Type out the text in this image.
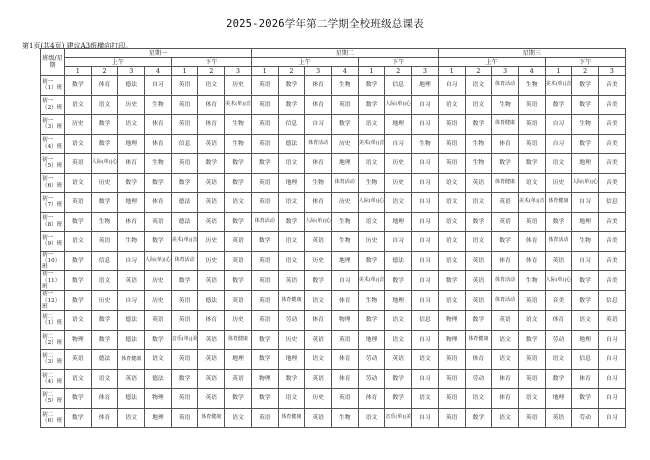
2025-2026学年第二学期全校班级总课表
第1页(共4页) 建议A3纸横向打印。
班级/星期	星期一							星期二							星期三						
	上午				下午			上午				下午			上午				下午		
	1	2	3	4	1	2	3	1	2	3	4	1	2	3	1	2	3	4	1	2	3
初一（1）班	数学	体育	德法	自习	英语	语文	历史	英语	数学	体育	生物	数学	信息	地理	自习	语文	体育活动	生物	美术(单)|音	数学	音美
初一（2）班	语文	语文	历史	生物	英语	体育	美术(单)|音	英语	数学	体育	英语	数学	人际(单)|心	自习	语文	语文	生物	英语	数学	数学	音美
初一（3）班	历史	数学	语文	体育	英语	体育	生物	英语	信息	自习	数学	语文	地理	自习	英语	数学	体育健康	英语	自习	生物	音美
初一（4）班	语文	数学	地理	体育	信息	英语	生物	英语	德法	体育活动	历史	美术(单)|音	自习	生物	英语	生物	体育	英语	自习	数学	音美
初一（5）班	英语	人际(单)|心	体育	生物	英语	数学	数学	数学	语文	体育	地理	语文	历史	自习	英语	生物	数学	数学	语文	地理	音美
初一（6）班	语文	历史	数学	数学	数学	英语	数学	英语	地理	生物	体育活动	生物	历史	自习	语文	英语	体育健康	语文	历史	人际(单)|心	音美
初一（7）班	英语	数学	地理	体育	德法	英语	语文	英语	语文	体育	历史	人际(单)|心	语文	自习	语文	语文	英语	美术(单)|音	体育健康	自习	信息
初一（8）班	数学	生物	体育	英语	德法	英语	数学	体育活动	数学	人际(单)|心	生物	语文	地理	自习	语文	数学	英语	英语	数学	地理	音美
初一（9）班	语文	英语	生物	数学	美术(单)|音	历史	英语	数学	语文	英语	生物	历史	自习	自习	语文	语文	数学	体育	体育活动	生物	音美
初一（10）班	数学	信息	自习	人际(单)|心	体育活动	历史	英语	英语	语文	历史	地理	数学	德法	自习	语文	英语	体育	体育	英语	自习	音美
初一（11）班	数学	语文	英语	历史	数学	英语	数学	英语	英语	数学	自习	美术(单)|音	数学	自习	数学	英语	体育活动	生物	人际(单)|心	数学	音美
初一（12）班	数学	历史	自习	历史	英语	德法	英语	英语	体育健康	语文	体育	生物	地理	自习	语文	英语	体育活动	英语	音美	数学	信息
初二（1）班	语文	数学	德法	英语	英语	体育	历史	英语	劳动	体育	物理	数学	语文	信息	物理	数学	英语	语文	体育	语文	英语
初二（2）班	物理	数学	德法	数学	音乐(单)|美	英语	体育健康	数学	历史	英语	英语	地理	语文	自习	物理	体育健康	语文	数学	劳动	地理	自习
初二（3）班	英语	德法	体育健康	语文	英语	英语	地理	数学	地理	语文	体育	劳动	英语	语文	英语	体育	语文	英语	语文	信息	自习
初二（4）班	语文	语文	英语	德法	数学	英语	英语	物理	数学	英语	体育	劳动	数学	自习	英语	劳动	体育	英语	数学	体育	自习
初二（5）班	数学	体育	德法	物理	英语	英语	数学	数学	语文	历史	英语	体育	数学	语文	英语	语文	体育	语文	地理	数学	自习
初二（6）班	数学	体育	语文	地理	英语	体育健康	语文	英语	体育健康	英语	生物	语文	音乐(单)|美	自习	英语	数学	语文	英语	英语	劳动	自习
